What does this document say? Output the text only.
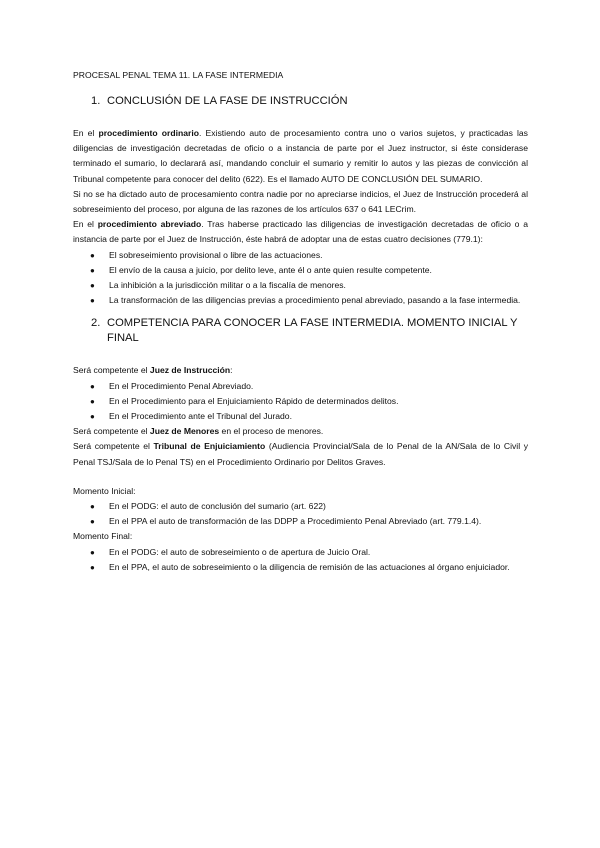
PROCESAL PENAL TEMA 11. LA FASE INTERMEDIA
1. CONCLUSIÓN DE LA FASE DE INSTRUCCIÓN

En el procedimiento ordinario. Existiendo auto de procesamiento contra uno o varios sujetos, y practicadas las diligencias de investigación decretadas de oficio o a instancia de parte por el Juez instructor, si éste considerase terminado el sumario, lo declarará así, mandando concluir el sumario y remitir lo autos y las piezas de convicción al Tribunal competente para conocer del delito (622). Es el llamado AUTO DE CONCLUSIÓN DEL SUMARIO.

Si no se ha dictado auto de procesamiento contra nadie por no apreciarse indicios, el Juez de Instrucción procederá al sobreseimiento del proceso, por alguna de las razones de los artículos 637 o 641 LECrim.

En el procedimiento abreviado. Tras haberse practicado las diligencias de investigación decretadas de oficio o a instancia de parte por el Juez de Instrucción, éste habrá de adoptar una de estas cuatro decisiones (779.1):

● El sobreseimiento provisional o libre de las actuaciones.
● El envío de la causa a juicio, por delito leve, ante él o ante quien resulte competente.
● La inhibición a la jurisdicción militar o a la fiscalía de menores.
● La transformación de las diligencias previas a procedimiento penal abreviado, pasando a la fase intermedia.
2. COMPETENCIA PARA CONOCER LA FASE INTERMEDIA. MOMENTO INICIAL Y FINAL

Será competente el Juez de Instrucción:

● En el Procedimiento Penal Abreviado.
● En el Procedimiento para el Enjuiciamiento Rápido de determinados delitos.
● En el Procedimiento ante el Tribunal del Jurado.

Será competente el Juez de Menores en el proceso de menores.

Será competente el Tribunal de Enjuiciamiento (Audiencia Provincial/Sala de lo Penal de la AN/Sala de lo Civil y Penal TSJ/Sala de lo Penal TS) en el Procedimiento Ordinario por Delitos Graves.

Momento Inicial:

● En el PODG: el auto de conclusión del sumario (art. 622)
● En el PPA el auto de transformación de las DDPP a Procedimiento Penal Abreviado (art. 779.1.4).

Momento Final:

● En el PODG: el auto de sobreseimiento o de apertura de Juicio Oral.
● En el PPA, el auto de sobreseimiento o la diligencia de remisión de las actuaciones al órgano enjuiciador.
